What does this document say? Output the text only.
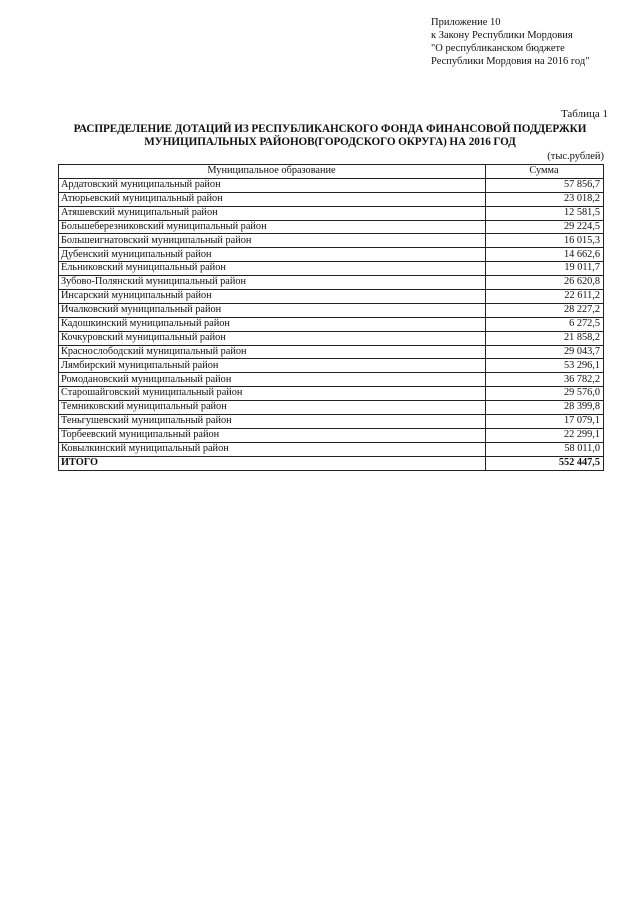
Приложение 10
к Закону Республики Мордовия
"О республиканском бюджете
Республики Мордовия на 2016 год"
Таблица 1
РАСПРЕДЕЛЕНИЕ ДОТАЦИЙ ИЗ РЕСПУБЛИКАНСКОГО ФОНДА ФИНАНСОВОЙ ПОДДЕРЖКИ
МУНИЦИПАЛЬНЫХ РАЙОНОВ(ГОРОДСКОГО ОКРУГА) НА 2016 ГОД
(тыс.рублей)
Муниципальное образование	Сумма
Ардатовский муниципальный район	57 856,7
Атюрьевский муниципальный район	23 018,2
Атяшевский муниципальный район	12 581,5
Большеберезниковский муниципальный район	29 224,5
Большеигнатовский муниципальный район	16 015,3
Дубенский муниципальный район	14 662,6
Ельниковский муниципальный район	19 011,7
Зубово-Полянский муниципальный район	26 620,8
Инсарский муниципальный район	22 611,2
Ичалковский муниципальный район	28 227,2
Кадошкинский муниципальный район	6 272,5
Кочкуровский муниципальный район	21 858,2
Краснослободский муниципальный район	29 043,7
Лямбирский муниципальный район	53 296,1
Ромодановский муниципальный район	36 782,2
Старошайговский муниципальный район	29 576,0
Темниковский муниципальный район	28 399,8
Теньгушевский муниципальный район	17 079,1
Торбеевский муниципальный район	22 299,1
Ковылкинский муниципальный район	58 011,0
ИТОГО	552 447,5
